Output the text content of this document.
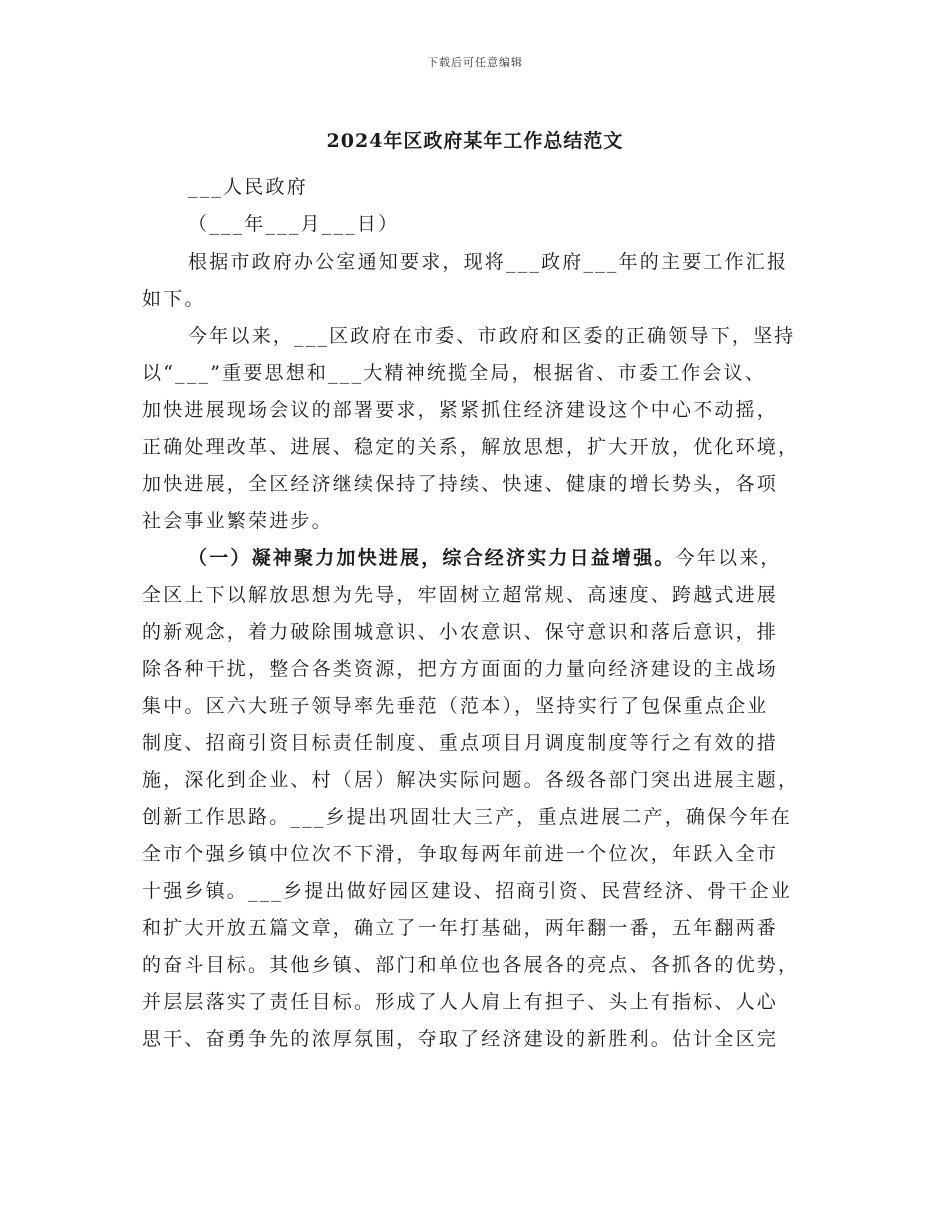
下载后可任意编辑
2024年区政府某年工作总结范文
___人民政府
（___年___月___日）
根据市政府办公室通知要求，现将___政府___年的主要工作汇报
如下。
今年以来，___区政府在市委、市政府和区委的正确领导下，坚持
以“___”重要思想和___大精神统揽全局，根据省、市委工作会议、
加快进展现场会议的部署要求，紧紧抓住经济建设这个中心不动摇，
正确处理改革、进展、稳定的关系，解放思想，扩大开放，优化环境，
加快进展，全区经济继续保持了持续、快速、健康的增长势头，各项
社会事业繁荣进步。
（一）凝神聚力加快进展，综合经济实力日益增强。今年以来，
全区上下以解放思想为先导，牢固树立超常规、高速度、跨越式进展
的新观念，着力破除围城意识、小农意识、保守意识和落后意识，排
除各种干扰，整合各类资源，把方方面面的力量向经济建设的主战场
集中。区六大班子领导率先垂范（范本），坚持实行了包保重点企业
制度、招商引资目标责任制度、重点项目月调度制度等行之有效的措
施，深化到企业、村（居）解决实际问题。各级各部门突出进展主题，
创新工作思路。___乡提出巩固壮大三产，重点进展二产，确保今年在
全市个强乡镇中位次不下滑，争取每两年前进一个位次，年跃入全市
十强乡镇。___乡提出做好园区建设、招商引资、民营经济、骨干企业
和扩大开放五篇文章，确立了一年打基础，两年翻一番，五年翻两番
的奋斗目标。其他乡镇、部门和单位也各展各的亮点、各抓各的优势，
并层层落实了责任目标。形成了人人肩上有担子、头上有指标、人心
思干、奋勇争先的浓厚氛围，夺取了经济建设的新胜利。估计全区完
